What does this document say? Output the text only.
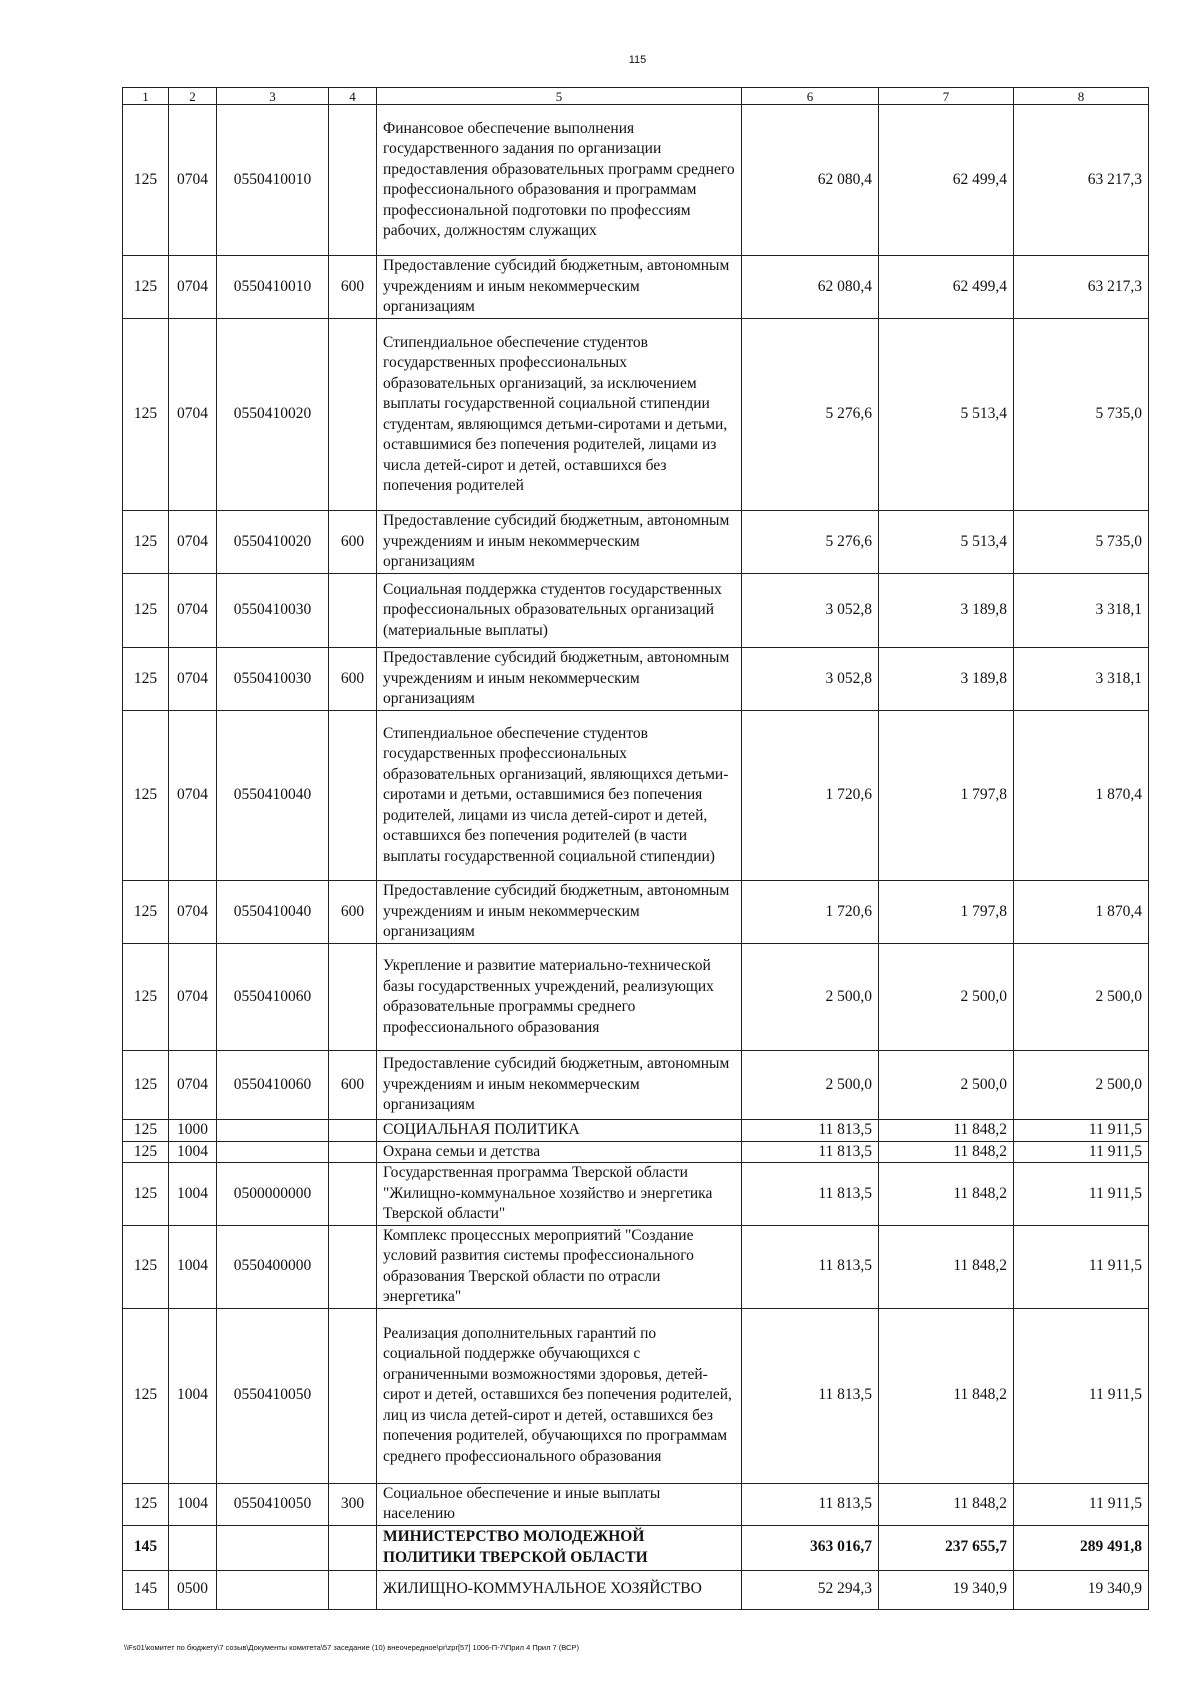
115
1	2	3	4	5	6	7	8
125	0704	0550410010		Финансовое обеспечение выполнения государственного задания по организации предоставления образовательных программ среднего профессионального образования и программам профессиональной подготовки по профессиям рабочих, должностям служащих	62 080,4	62 499,4	63 217,3
125	0704	0550410010	600	Предоставление субсидий бюджетным, автономным учреждениям и иным некоммерческим организациям	62 080,4	62 499,4	63 217,3
125	0704	0550410020		Стипендиальное обеспечение студентов государственных профессиональных образовательных организаций, за исключением выплаты государственной социальной стипендии студентам, являющимся детьми-сиротами и детьми, оставшимися без попечения родителей, лицами из числа детей-сирот и детей, оставшихся без попечения родителей	5 276,6	5 513,4	5 735,0
125	0704	0550410020	600	Предоставление субсидий бюджетным, автономным учреждениям и иным некоммерческим организациям	5 276,6	5 513,4	5 735,0
125	0704	0550410030		Социальная поддержка студентов государственных профессиональных образовательных организаций (материальные выплаты)	3 052,8	3 189,8	3 318,1
125	0704	0550410030	600	Предоставление субсидий бюджетным, автономным учреждениям и иным некоммерческим организациям	3 052,8	3 189,8	3 318,1
125	0704	0550410040		Стипендиальное обеспечение студентов государственных профессиональных образовательных организаций, являющихся детьми-сиротами и детьми, оставшимися без попечения родителей, лицами из числа детей-сирот и детей, оставшихся без попечения родителей (в части выплаты государственной социальной стипендии)	1 720,6	1 797,8	1 870,4
125	0704	0550410040	600	Предоставление субсидий бюджетным, автономным учреждениям и иным некоммерческим организациям	1 720,6	1 797,8	1 870,4
125	0704	0550410060		Укрепление и развитие материально-технической базы государственных учреждений, реализующих образовательные программы среднего профессионального образования	2 500,0	2 500,0	2 500,0
125	0704	0550410060	600	Предоставление субсидий бюджетным, автономным учреждениям и иным некоммерческим организациям	2 500,0	2 500,0	2 500,0
125	1000			СОЦИАЛЬНАЯ ПОЛИТИКА	11 813,5	11 848,2	11 911,5
125	1004			Охрана семьи и детства	11 813,5	11 848,2	11 911,5
125	1004	0500000000		Государственная программа Тверской области "Жилищно-коммунальное хозяйство и энергетика Тверской области"	11 813,5	11 848,2	11 911,5
125	1004	0550400000		Комплекс процессных мероприятий "Создание условий развития системы профессионального образования Тверской области по отрасли энергетика"	11 813,5	11 848,2	11 911,5
125	1004	0550410050		Реализация дополнительных гарантий по социальной поддержке обучающихся с ограниченными возможностями здоровья, детей-сирот и детей, оставшихся без попечения родителей, лиц из числа детей-сирот и детей, оставшихся без попечения родителей, обучающихся по программам среднего профессионального образования	11 813,5	11 848,2	11 911,5
125	1004	0550410050	300	Социальное обеспечение и иные выплаты населению	11 813,5	11 848,2	11 911,5
145				МИНИСТЕРСТВО МОЛОДЕЖНОЙ ПОЛИТИКИ ТВЕРСКОЙ ОБЛАСТИ	363 016,7	237 655,7	289 491,8
145	0500			ЖИЛИЩНО-КОММУНАЛЬНОЕ ХОЗЯЙСТВО	52 294,3	19 340,9	19 340,9
\\Fs01\комитет по бюджету\7 созыв\Документы комитета\57 заседание (10) внеочередное\pr\zpr[57] 1006-П-7\Прил 4 Прил 7 (ВСР)
